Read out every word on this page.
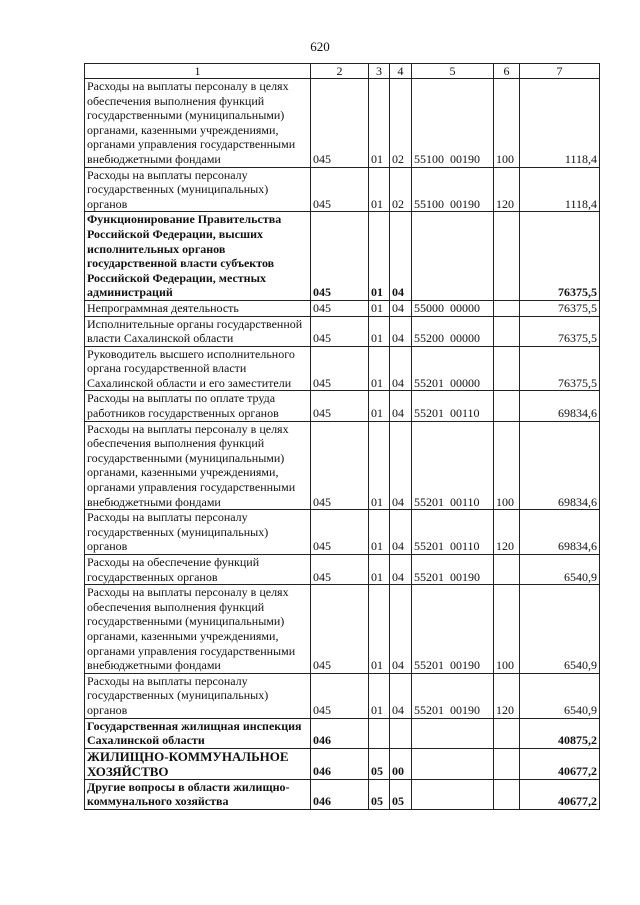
620
1	2	3	4	5	6	7
Расходы на выплаты персоналу в целях обеспечения выполнения функций государственными (муниципальными) органами, казенными учреждениями, органами управления государственными внебюджетными фондами	045	01	02	55100 00190	100	1118,4
Расходы на выплаты персоналу государственных (муниципальных) органов	045	01	02	55100 00190	120	1118,4
Функционирование Правительства Российской Федерации, высших исполнительных органов государственной власти субъектов Российской Федерации, местных администраций	045	01	04			76375,5
Непрограммная деятельность	045	01	04	55000 00000		76375,5
Исполнительные органы государственной власти Сахалинской области	045	01	04	55200 00000		76375,5
Руководитель высшего исполнительного органа государственной власти Сахалинской области и его заместители	045	01	04	55201 00000		76375,5
Расходы на выплаты по оплате труда работников государственных органов	045	01	04	55201 00110		69834,6
Расходы на выплаты персоналу в целях обеспечения выполнения функций государственными (муниципальными) органами, казенными учреждениями, органами управления государственными внебюджетными фондами	045	01	04	55201 00110	100	69834,6
Расходы на выплаты персоналу государственных (муниципальных) органов	045	01	04	55201 00110	120	69834,6
Расходы на обеспечение функций государственных органов	045	01	04	55201 00190		6540,9
Расходы на выплаты персоналу в целях обеспечения выполнения функций государственными (муниципальными) органами, казенными учреждениями, органами управления государственными внебюджетными фондами	045	01	04	55201 00190	100	6540,9
Расходы на выплаты персоналу государственных (муниципальных) органов	045	01	04	55201 00190	120	6540,9
Государственная жилищная инспекция Сахалинской области	046					40875,2
ЖИЛИЩНО-КОММУНАЛЬНОЕ ХОЗЯЙСТВО	046	05	00			40677,2
Другие вопросы в области жилищно-коммунального хозяйства	046	05	05			40677,2
